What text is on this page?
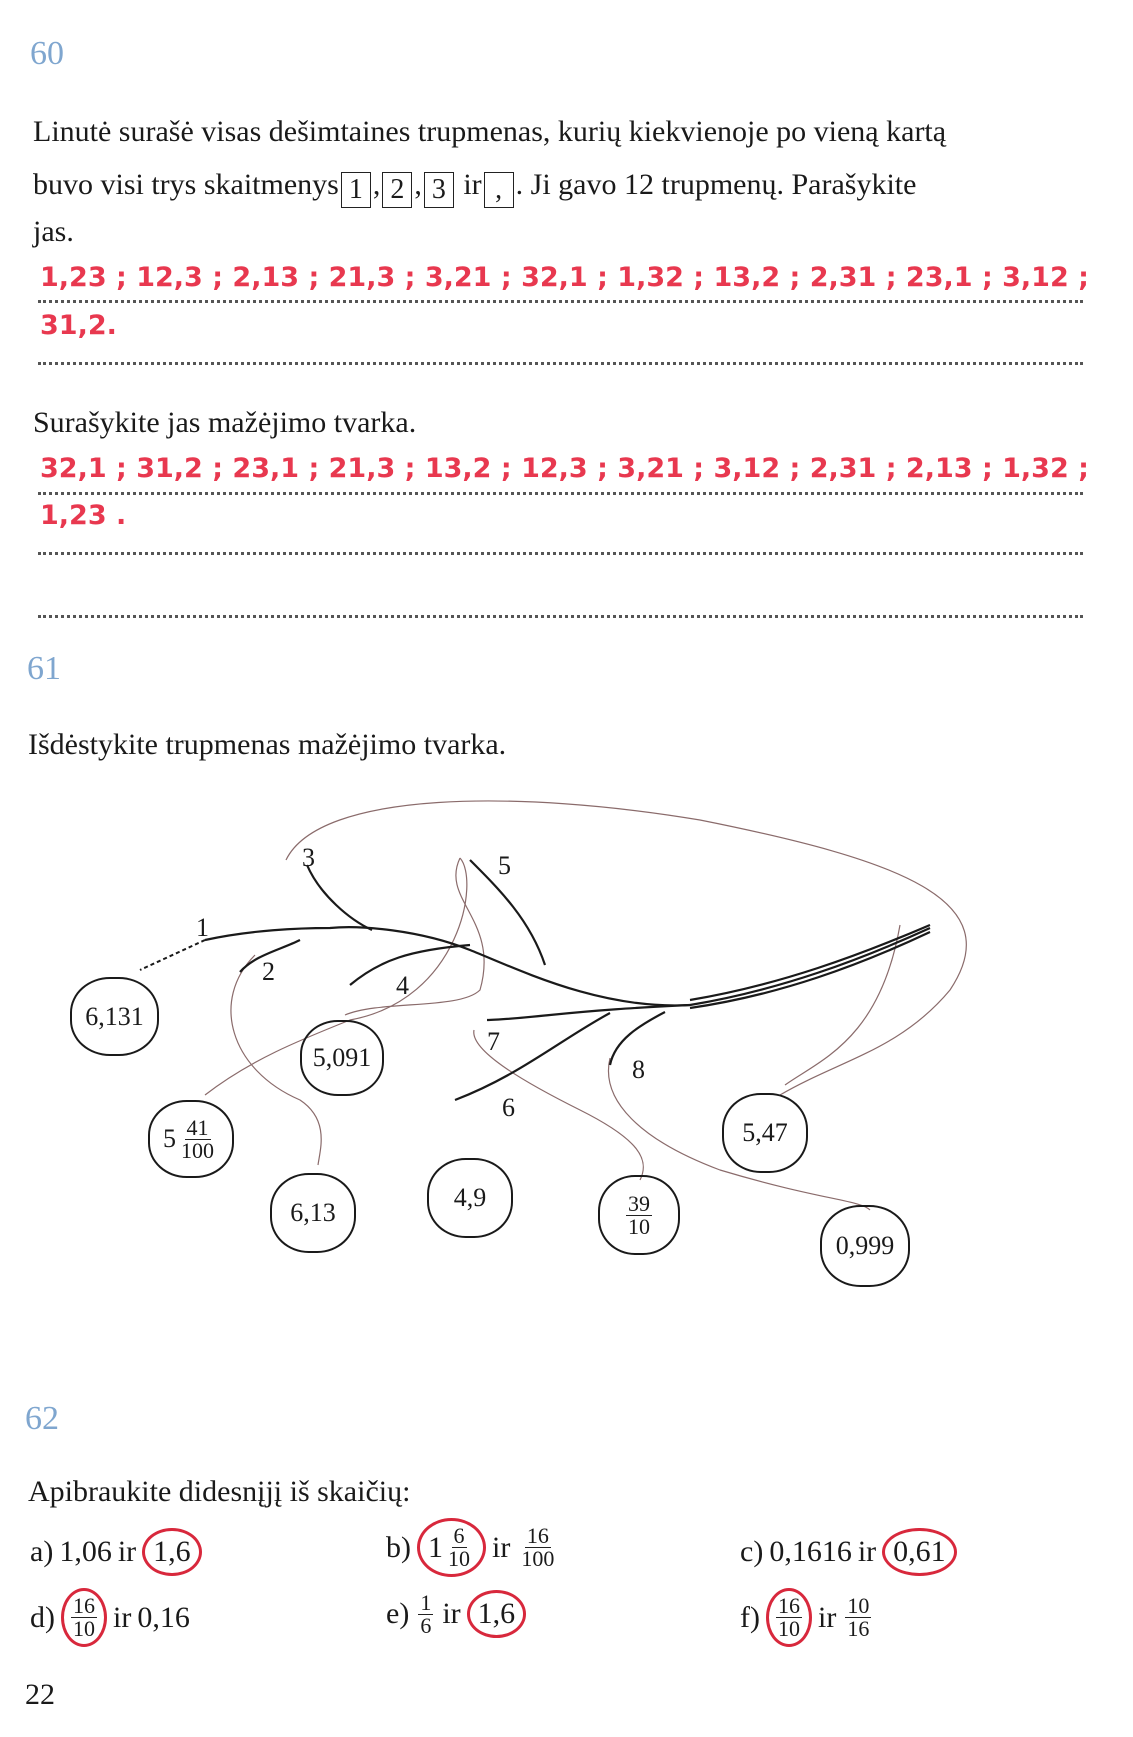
60
Linutė surašė visas dešimtaines trupmenas, kurių kiekvienoje po vieną kartą
buvo visi trys skaitmenys 1 , 2 , 3 ir , . Ji gavo 12 trupmenų. Parašykite
jas.
1,23 ; 12,3 ; 2,13 ; 21,3 ; 3,21 ; 32,1 ; 1,32 ; 13,2 ; 2,31 ; 23,1 ; 3,12 ;
31,2.
Surašykite jas mažėjimo tvarka.
32,1 ; 31,2 ; 23,1 ; 21,3 ; 13,2 ; 12,3 ; 3,21 ; 3,12 ; 2,31 ; 2,13 ; 1,32 ;
1,23 .
61
Išdėstykite trupmenas mažėjimo tvarka.
1
2
3
4
5
6
7
8
6,131
5,091
$5 \frac{41}{100}$
6,13
4,9	$\frac{39}{10}$
5,47
0,999
62
Apibraukite didesnįjį iš skaičių:
a) 1,06 ir 1,6	b) $1 \frac{6}{10}$ ir $\frac{16}{100}$	c) 0,1616 ir 0,61
$d) \frac{16}{10}$ ir 0,16	$e) \frac{1}{6}$ ir 1,6	$f) \frac{16}{10}$ ir $\frac{10}{16}$
22
